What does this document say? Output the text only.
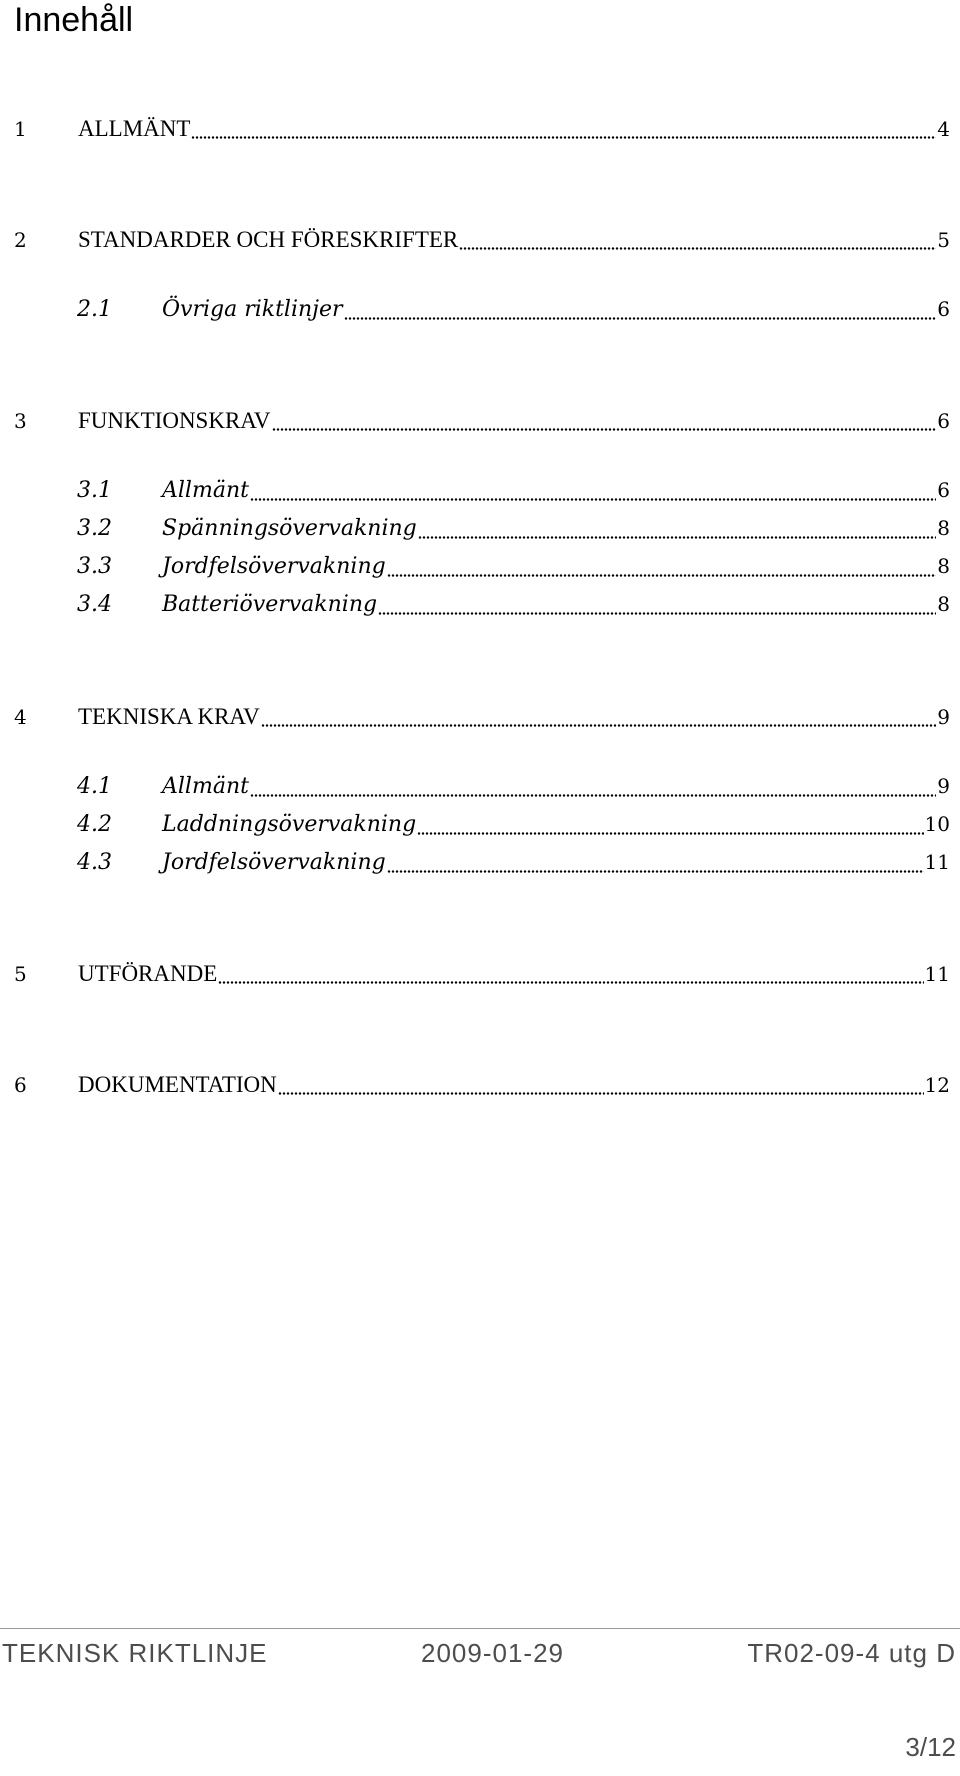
Innehåll
1	ALLMÄNT	4
2	STANDARDER OCH FÖRESKRIFTER	5
2.1	Övriga riktlinjer	6
3	FUNKTIONSKRAV	6
3.1	Allmänt	6
3.2	Spänningsövervakning	8
3.3	Jordfelsövervakning	8
3.4	Batteriövervakning	8
4	TEKNISKA KRAV	9
4.1	Allmänt	9
4.2	Laddningsövervakning	10
4.3	Jordfelsövervakning	11
5	UTFÖRANDE	11
6	DOKUMENTATION	12
TEKNISK RIKTLINJE	2009-01-29	TR02-09-4 utg D
3/12
